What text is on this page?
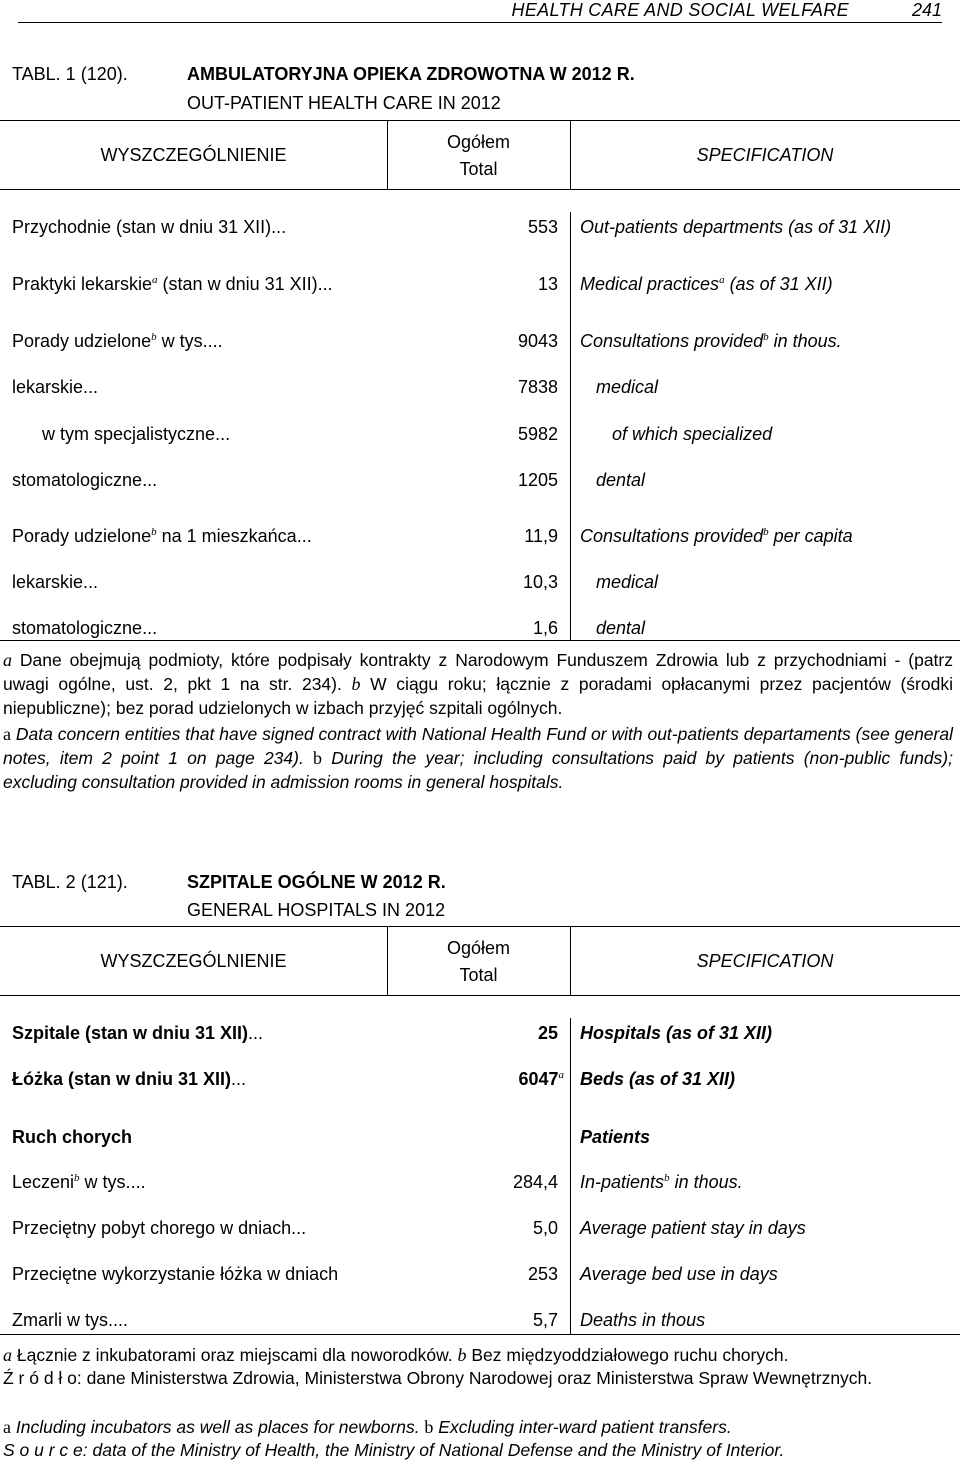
HEALTH CARE AND SOCIAL WELFARE	241
TABL. 1 (120).	AMBULATORYJNA OPIEKA ZDROWOTNA W 2012 R.
OUT-PATIENT HEALTH CARE IN 2012
WYSZCZEGÓLNIENIE
Ogółem
Total
SPECIFICATION
Przychodnie (stan w dniu 31 XII)...	553 Out-patients departments (as of 31 XII)
Praktyki lekarskie$^a$ (stan w dniu 31 XII)...	13 Medical practices$^a$ (as of 31 XII)
Porady udzielone$^b$ w tys....	9043 Consultations provided$^b$ in thous.
lekarskie...	7838 medical
w tym specjalistyczne...	5982	of which specialized
stomatologiczne...	1205 dental
Porady udzielone$^b$ na 1 mieszkańca...	11,9 Consultations provided$^b$ per capita
lekarskie...	10,3 medical
stomatologiczne...	1,6 dental
a Dane obejmują podmioty, które podpisały kontrakty z Narodowym Funduszem Zdrowia lub z przychodniami - (patrz uwagi ogólne, ust. 2, pkt 1 na str. 234). b W ciągu roku; łącznie z poradami opłacanymi przez pacjentów (środki niepubliczne); bez porad udzielonych w izbach przyjęć szpitali ogólnych.
a Data concern entities that have signed contract with National Health Fund or with out-patients departaments (see general notes, item 2 point 1 on page 234). b During the year; including consultations paid by patients (non-public funds); excluding consultation provided in admission rooms in general hospitals.
TABL. 2 (121).	SZPITALE OGÓLNE W 2012 R.
GENERAL HOSPITALS IN 2012
WYSZCZEGÓLNIENIE
Ogółem
Total
SPECIFICATION
Szpitale (stan w dniu 31 XII)...	25 Hospitals (as of 31 XII)
Łóżka (stan w dniu 31 XII)...	6047$^a$ Beds (as of 31 XII)
Ruch chorych	Patients
Leczeni$^b$ w tys....	284,4 In-patients$^b$ in thous.
Przeciętny pobyt chorego w dniach...	5,0 Average patient stay in days
Przeciętne wykorzystanie łóżka w dniach	253 Average bed use in days
Zmarli w tys....	5,7 Deaths in thous
a Łącznie z inkubatorami oraz miejscami dla noworodków. b Bez międzyoddziałowego ruchu chorych.
Ź r ó d ł o: dane Ministerstwa Zdrowia, Ministerstwa Obrony Narodowej oraz Ministerstwa Spraw Wewnętrznych.
a Including incubators as well as places for newborns. b Excluding inter-ward patient transfers.
S o u r c e: data of the Ministry of Health, the Ministry of National Defense and the Ministry of Interior.
